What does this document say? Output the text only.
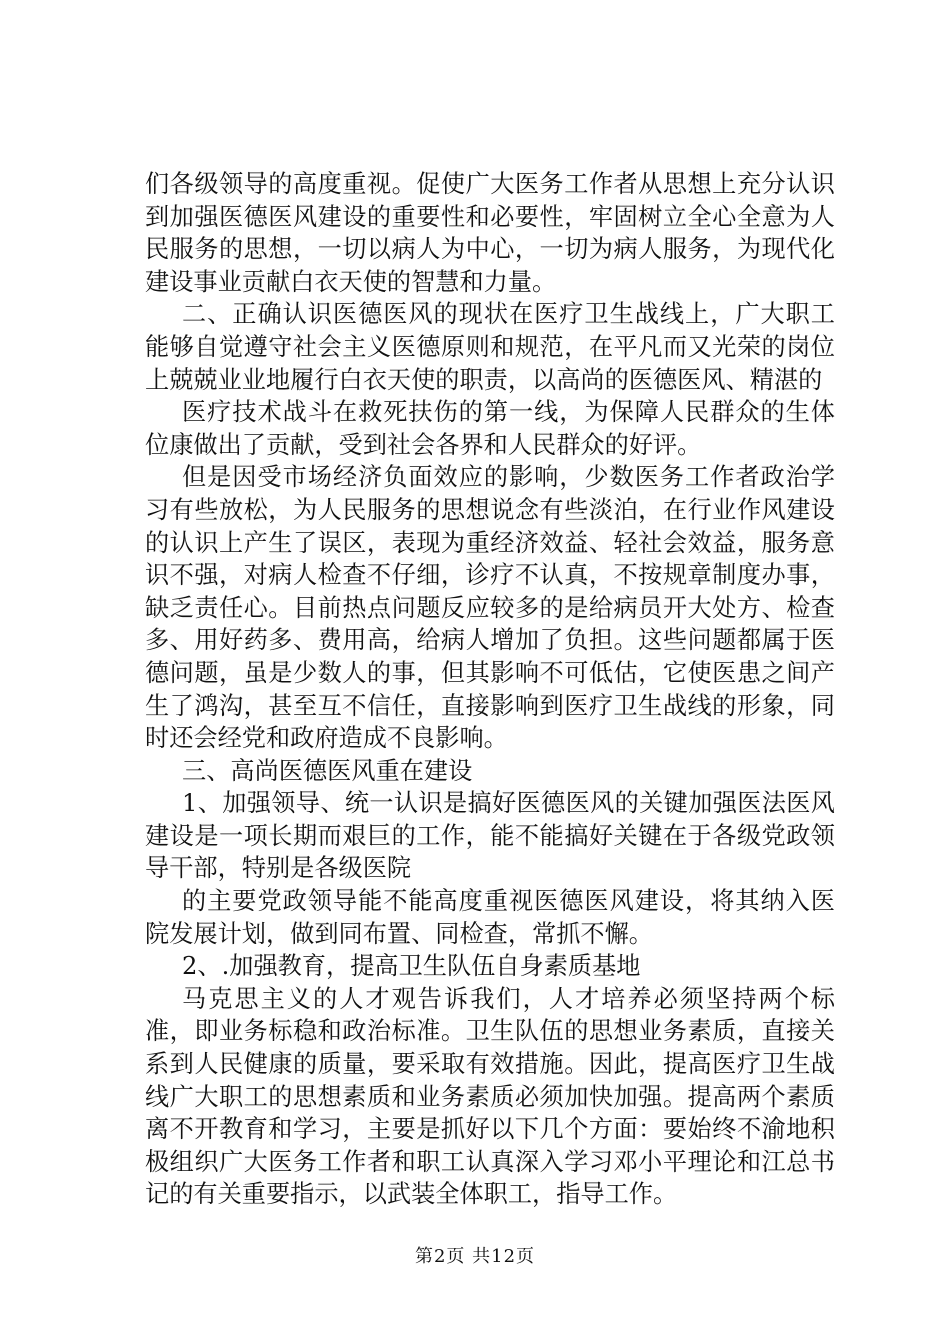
们各级领导的高度重视。促使广大医务工作者从思想上充分认识到加强医德医风建设的重要性和必要性，牢固树立全心全意为人民服务的思想，一切以病人为中心，一切为病人服务，为现代化建设事业贡献白衣天使的智慧和力量。

二、正确认识医德医风的现状在医疗卫生战线上，广大职工能够自觉遵守社会主义医德原则和规范，在平凡而又光荣的岗位上兢兢业业地履行白衣天使的职责，以高尚的医德医风、精湛的

医疗技术战斗在救死扶伤的第一线，为保障人民群众的生体位康做出了贡献，受到社会各界和人民群众的好评。

但是因受市场经济负面效应的影响，少数医务工作者政治学习有些放松，为人民服务的思想说念有些淡泊，在行业作风建设的认识上产生了误区，表现为重经济效益、轻社会效益，服务意识不强，对病人检查不仔细，诊疗不认真，不按规章制度办事，缺乏责任心。目前热点问题反应较多的是给病员开大处方、检查多、用好药多、费用高，给病人增加了负担。这些问题都属于医德问题，虽是少数人的事，但其影响不可低估，它使医患之间产生了鸿沟，甚至互不信任，直接影响到医疗卫生战线的形象，同时还会经党和政府造成不良影响。

三、高尚医德医风重在建设

1、加强领导、统一认识是搞好医德医风的关键加强医法医风建设是一项长期而艰巨的工作，能不能搞好关键在于各级党政领导干部，特别是各级医院

的主要党政领导能不能高度重视医德医风建设，将其纳入医院发展计划，做到同布置、同检查，常抓不懈。

2、.加强教育，提高卫生队伍自身素质基地

马克思主义的人才观告诉我们，人才培养必须坚持两个标准，即业务标稳和政治标准。卫生队伍的思想业务素质，直接关系到人民健康的质量，要采取有效措施。因此，提高医疗卫生战线广大职工的思想素质和业务素质必须加快加强。提高两个素质离不开教育和学习，主要是抓好以下几个方面：要始终不渝地积极组织广大医务工作者和职工认真深入学习邓小平理论和江总书记的有关重要指示，以武装全体职工，指导工作。

第2页 共12页
